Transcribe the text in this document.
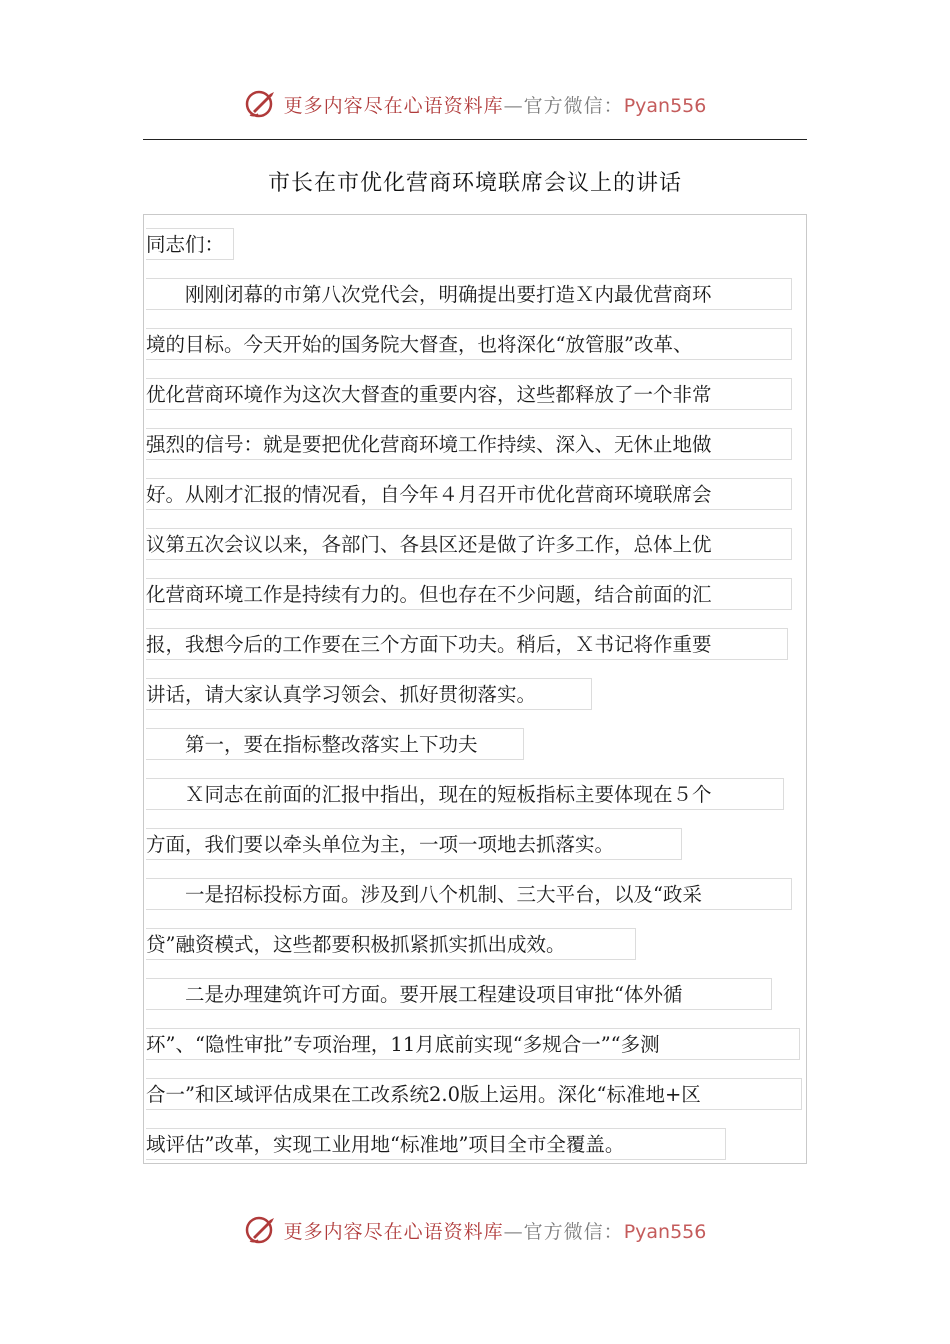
更多内容尽在心语资料库—官方微信：Pyan556
市长在市优化营商环境联席会议上的讲话
同志们：
　　刚刚闭幕的市第八次党代会，明确提出要打造Ｘ内最优营商环
境的目标。今天开始的国务院大督查，也将深化“放管服”改革、
优化营商环境作为这次大督查的重要内容，这些都释放了一个非常
强烈的信号：就是要把优化营商环境工作持续、深入、无休止地做
好。从刚才汇报的情况看，自今年４月召开市优化营商环境联席会
议第五次会议以来，各部门、各县区还是做了许多工作，总体上优
化营商环境工作是持续有力的。但也存在不少问题，结合前面的汇
报，我想今后的工作要在三个方面下功夫。稍后，Ｘ书记将作重要
讲话，请大家认真学习领会、抓好贯彻落实。
　　第一，要在指标整改落实上下功夫
　　Ｘ同志在前面的汇报中指出，现在的短板指标主要体现在５个
方面，我们要以牵头单位为主，一项一项地去抓落实。
　　一是招标投标方面。涉及到八个机制、三大平台，以及“政采
贷”融资模式，这些都要积极抓紧抓实抓出成效。
　　二是办理建筑许可方面。要开展工程建设项目审批“体外循
环”、“隐性审批”专项治理，11月底前实现“多规合一”“多测
合一”和区域评估成果在工改系统2.0版上运用。深化“标准地+区
域评估”改革，实现工业用地“标准地”项目全市全覆盖。
更多内容尽在心语资料库—官方微信：Pyan556
